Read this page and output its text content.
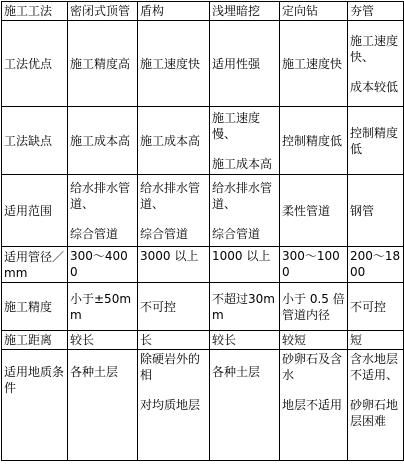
施工工法	密闭式顶管	盾构	浅埋暗挖	定向钻	夯管

工法优点	施工精度高	施工速度快	适用性强	施工速度快	施工速度快、
成本较低

工法缺点	施工成本高	施工成本高	施工速度慢、
施工成本高	控制精度低	控制精度低

适用范围	给水排水管道、
综合管道	给水排水管道、
综合管道	给水排水管道、
综合管道	柔性管道	钢管

适用管径／mm	300～4000	3000 以上	1000 以上	300～1000	200～1800

施工精度	小于±50mm	不可控	不超过30mm	小于 0.5 倍
管道内径	不可控

施工距离	较长	长	较长	较短	短

适用地质条件	各种土层	除硬岩外的相
对均质地层	各种土层	砂卵石及含水
地层不适用	含水地层不适用、
砂卵石地层困难
